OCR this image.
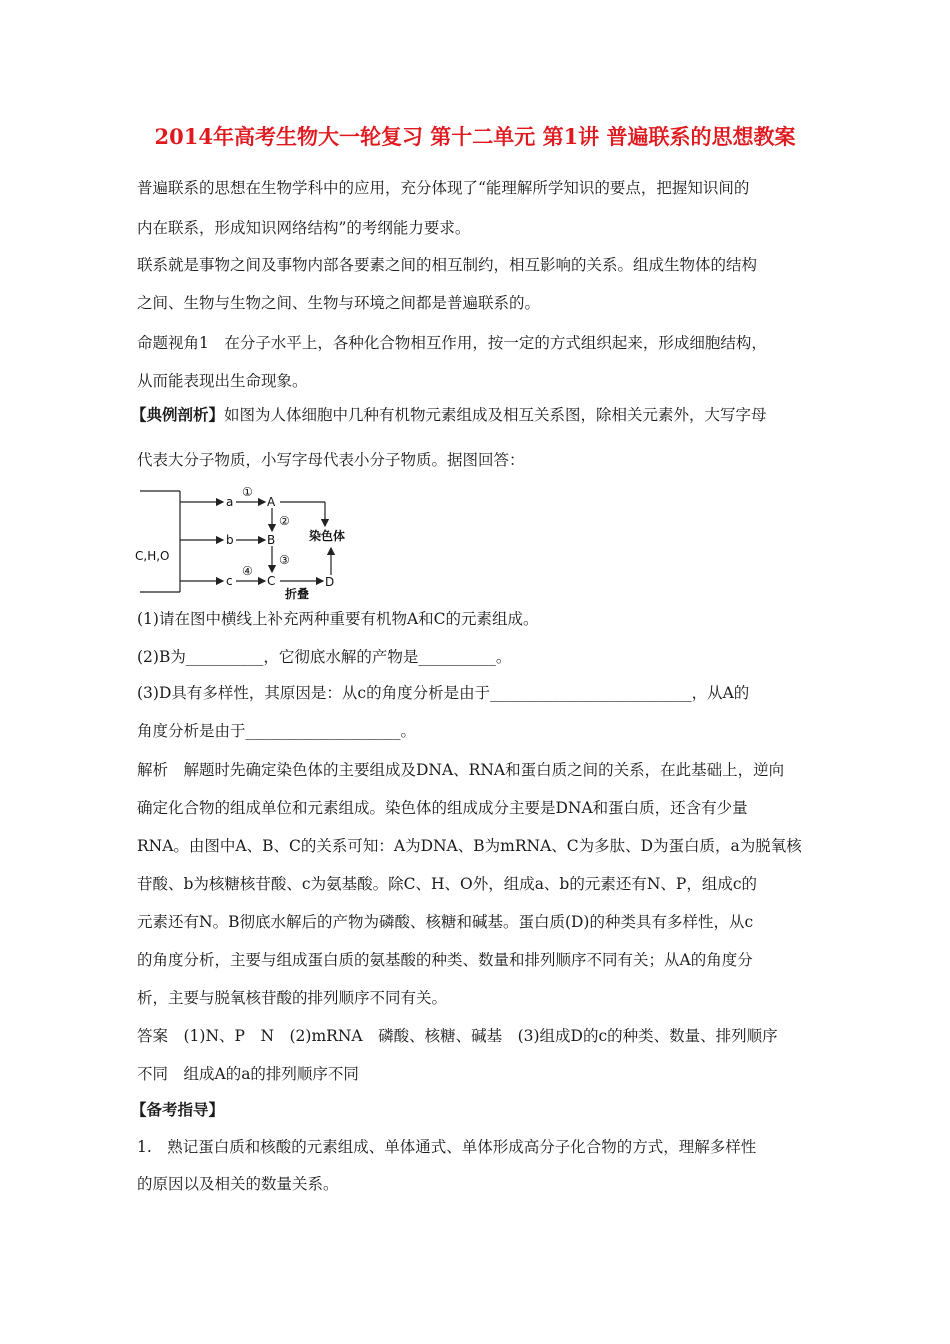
2014年高考生物大一轮复习 第十二单元 第1讲 普遍联系的思想教案
普遍联系的思想在生物学科中的应用，充分体现了“能理解所学知识的要点，把握知识间的
内在联系，形成知识网络结构”的考纲能力要求。
联系就是事物之间及事物内部各要素之间的相互制约，相互影响的关系。组成生物体的结构
之间、生物与生物之间、生物与环境之间都是普遍联系的。
命题视角1　在分子水平上，各种化合物相互作用，按一定的方式组织起来，形成细胞结构，
从而能表现出生命现象。
【典例剖析】如图为人体细胞中几种有机物元素组成及相互关系图，除相关元素外，大写字母
代表大分子物质，小写字母代表小分子物质。据图回答：
C,H,O
a
b
c
A
B
C	D
①
②
③
④
染色体
折叠
(1)请在图中横线上补充两种重要有机物A和C的元素组成。
(2)B为__________，它彻底水解的产物是__________。
(3)D具有多样性，其原因是：从c的角度分析是由于__________________________，从A的
角度分析是由于____________________。
解析　解题时先确定染色体的主要组成及DNA、RNA和蛋白质之间的关系，在此基础上，逆向
确定化合物的组成单位和元素组成。染色体的组成成分主要是DNA和蛋白质，还含有少量
RNA。由图中A、B、C的关系可知：A为DNA、B为mRNA、C为多肽、D为蛋白质，a为脱氧核
苷酸、b为核糖核苷酸、c为氨基酸。除C、H、O外，组成a、b的元素还有N、P，组成c的
元素还有N。B彻底水解后的产物为磷酸、核糖和碱基。蛋白质(D)的种类具有多样性，从c
的角度分析，主要与组成蛋白质的氨基酸的种类、数量和排列顺序不同有关；从A的角度分
析，主要与脱氧核苷酸的排列顺序不同有关。
答案　(1)N、P　N　(2)mRNA　磷酸、核糖、碱基　(3)组成D的c的种类、数量、排列顺序
不同　组成A的a的排列顺序不同
【备考指导】
1.　熟记蛋白质和核酸的元素组成、单体通式、单体形成高分子化合物的方式，理解多样性
的原因以及相关的数量关系。
